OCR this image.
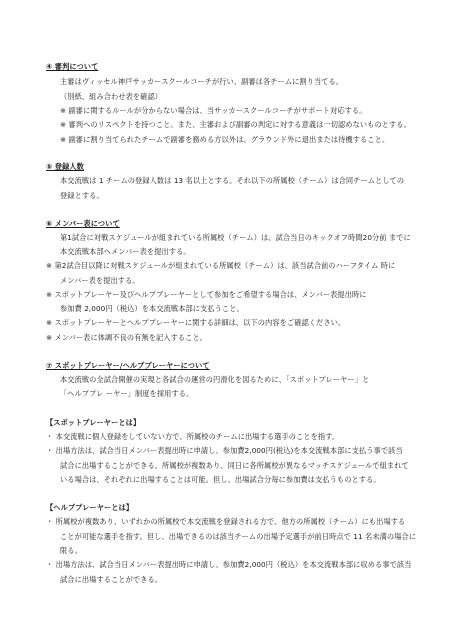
④ 審判について
主審はヴィッセル神戸サッカースクールコーチが行い、副審は各チームに割り当てる。
（別紙、組み合わせ表を確認）
※ 副審に関するルールが分からない場合は、当サッカースクールコーチがサポート対応する。
※ 審判へのリスペクトを持つこと。また、主審および副審の判定に対する意義は一切認めないものとする。
※ 副審に割り当てられたチームで副審を務める方以外は、グラウンド外に退出または待機すること。
⑤ 登録人数
本交流戦は 1 チームの登録人数は 13 名以上とする。それ以下の所属校（チーム）は合同チームとしての
登録とする。
⑥ メンバー表について
第1試合に対戦スケジュールが組まれている所属校（チーム）は、試合当日のキックオフ時間20分前 までに
本交流戦本部へメンバー表を提出する。
※ 第2試合目以降に対戦スケジュールが組まれている所属校（チーム）は、該当試合前のハーフタイム 時に
メンバー表を提出する。
※ スポットプレーヤー及びヘルプブレーヤーとして参加をご希望する場合は、メンバー表提出時に
参加費 2,000円（税込）を本交流戦本部に支払うこと。
※ スポットプレーヤーとヘルププレーヤーに関する詳細は、以下の内容をご確認ください。
※ メンバー表に体調不良の有無を記入すること。
⑦ スポットプレーヤー/ヘルププレーヤーについて
本交流戦の全試合開催の実現と各試合の運営の円滑化を図るために、「スポットプレーヤー」と
「ヘルププレ ーヤー」制度を採用する。
【スポットプレーヤーとは】
・ 本交流戦に個人登録をしていない方で、所属校のチームに出場する選手のことを指す。
・ 出場方法は、試合当日メンバー表提出時に申請し、参加費2,000円(税込)を本交流戦本部に支払う事で該当
試合に出場することができる。所属校が複数あり、同日に各所属校が異なるマッチスケジュールで組まれて
いる場合は、それぞれに出場することは可能。但し、出場試合分毎に参加費は支払うものとする。
【ヘルププレーヤーとは】
・ 所属校が複数あり、いずれかの所属校で本交流戦を登録される方で、他方の所属校（チーム）にも出場する
ことが可能な選手を指す。但し、出場できるのは該当チームの出場予定選手が前日時点で 11 名未満の場合に
限る。
・ 出場方法は、試合当日メンバー表提出時に申請し、参加費2,000円（税込）を本交流戦本部に収める事で該当
試合に出場することができる。
